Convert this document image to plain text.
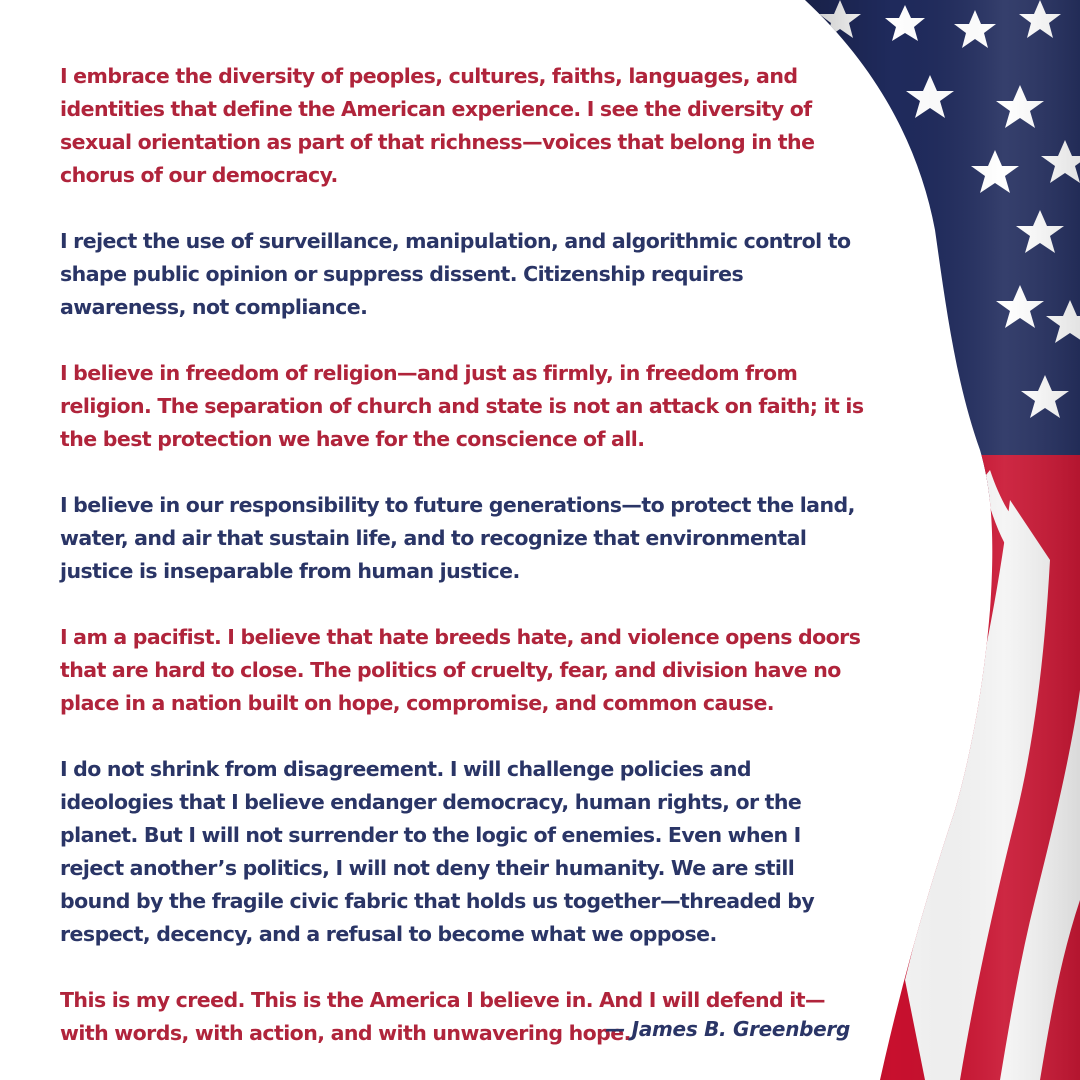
I embrace the diversity of peoples, cultures, faiths, languages, and identities that define the American experience. I see the diversity of sexual orientation as part of that richness—voices that belong in the chorus of our democracy.

I reject the use of surveillance, manipulation, and algorithmic control to shape public opinion or suppress dissent. Citizenship requires awareness, not compliance.

I believe in freedom of religion—and just as firmly, in freedom from religion. The separation of church and state is not an attack on faith; it is the best protection we have for the conscience of all.

I believe in our responsibility to future generations—to protect the land, water, and air that sustain life, and to recognize that environmental justice is inseparable from human justice.

I am a pacifist. I believe that hate breeds hate, and violence opens doors that are hard to close. The politics of cruelty, fear, and division have no place in a nation built on hope, compromise, and common cause.

I do not shrink from disagreement. I will challenge policies and ideologies that I believe endanger democracy, human rights, or the planet. But I will not surrender to the logic of enemies. Even when I reject another’s politics, I will not deny their humanity. We are still bound by the fragile civic fabric that holds us together—threaded by respect, decency, and a refusal to become what we oppose.

This is my creed. This is the America I believe in. And I will defend it—with words, with action, and with unwavering hope.

— James B. Greenberg
